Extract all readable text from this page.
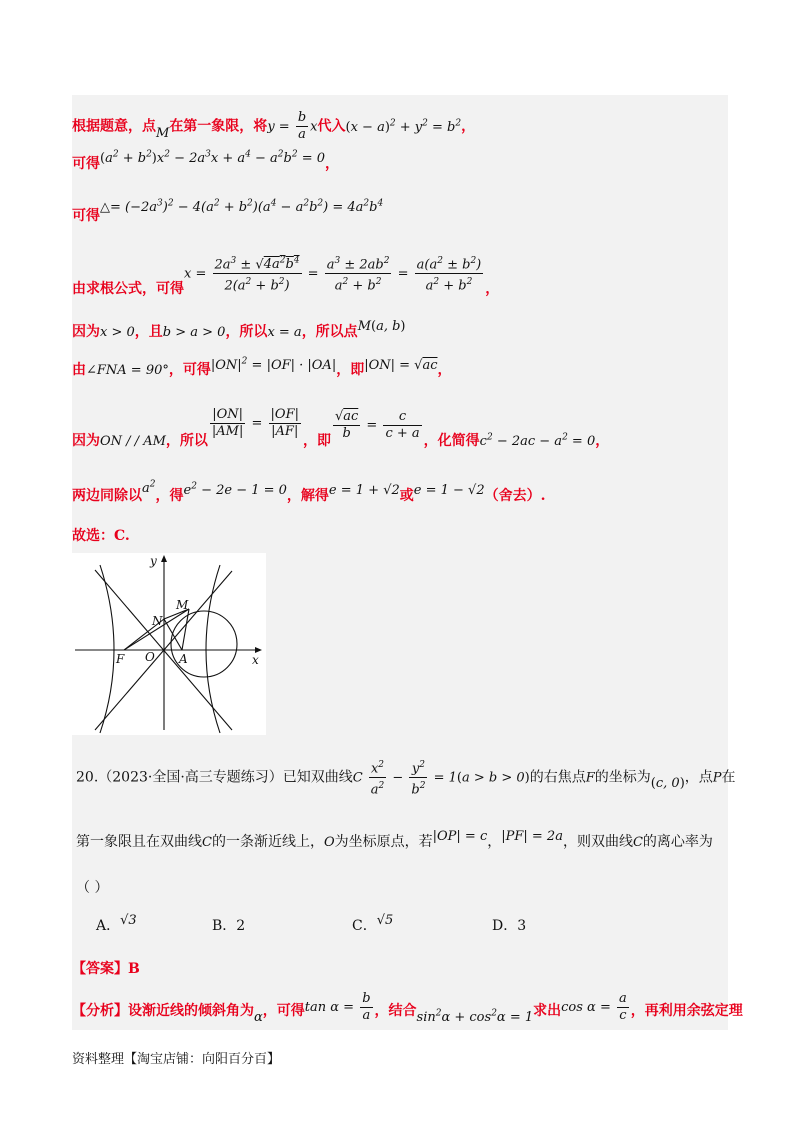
根据题意，点M在第一象限，将$y = \frac{b}{a}$ x代入$(x - a)^2 + y^2 = b^2$，
可得$(a^2 + b^2)x^2 - 2a^3x + a^4 - a^2b^2 = 0$，
可得△= $(-2a^3)^2 - 4(a^2 + b^2)(a^4 - a^2b^2) = 4a^2b^4$
由求根公式，可得$x = \frac{2a^3 \pm √4a^2b^4}{2(a^2 + b^2)} = \frac{a^3 \pm 2ab^2}{a^2 + b^2} = \frac{a(a^2 \pm b^2)}{a^2 + b^2}$ ，
因为x > 0，且b > a > 0，所以x = a，所以点M(a, b)
由∠FNA = 90°，可得$|ON|^2 = |OF| \cdot |OA|$，即|ON| = √ac，
因为ON / / AM，所以
$\frac{|ON|}{|AM|} = \frac{|OF|}{|AF|}$
，即 $\frac{√ac}{b} = \frac{c}{c + a}$ ，化简得$c^2 - 2ac - a^2 = 0$，
两边同除以$a^2$，得$e^2 - 2e - 1 = 0$，解得e = 1 + √2或e = 1 − √2（舍去）.
故选：C.
y
x
M
N
F O A
20.（2023·全国·高三专题练习）已知双曲线C $\frac{x^2}{a^2} - \frac{y^2}{b^2} = 1(a > b > 0)$的右焦点F的坐标为(c, 0)，点P在
第一象限且在双曲线C的一条渐近线上，O为坐标原点，若|OP| = c，|PF| = 2a，则双曲线C的离心率为
（ ）
A．√3	B．2	C．√5	D．3
【答案】B
【分析】设渐近线的倾斜角为α，可得$\tan \alpha = \frac{b}{a}$ ，结合$\sin^2\alpha + \cos^2\alpha = 1$求出$\cos \alpha = \frac{a}{c}$ ，再利用余弦定理
资料整理【淘宝店铺：向阳百分百】
